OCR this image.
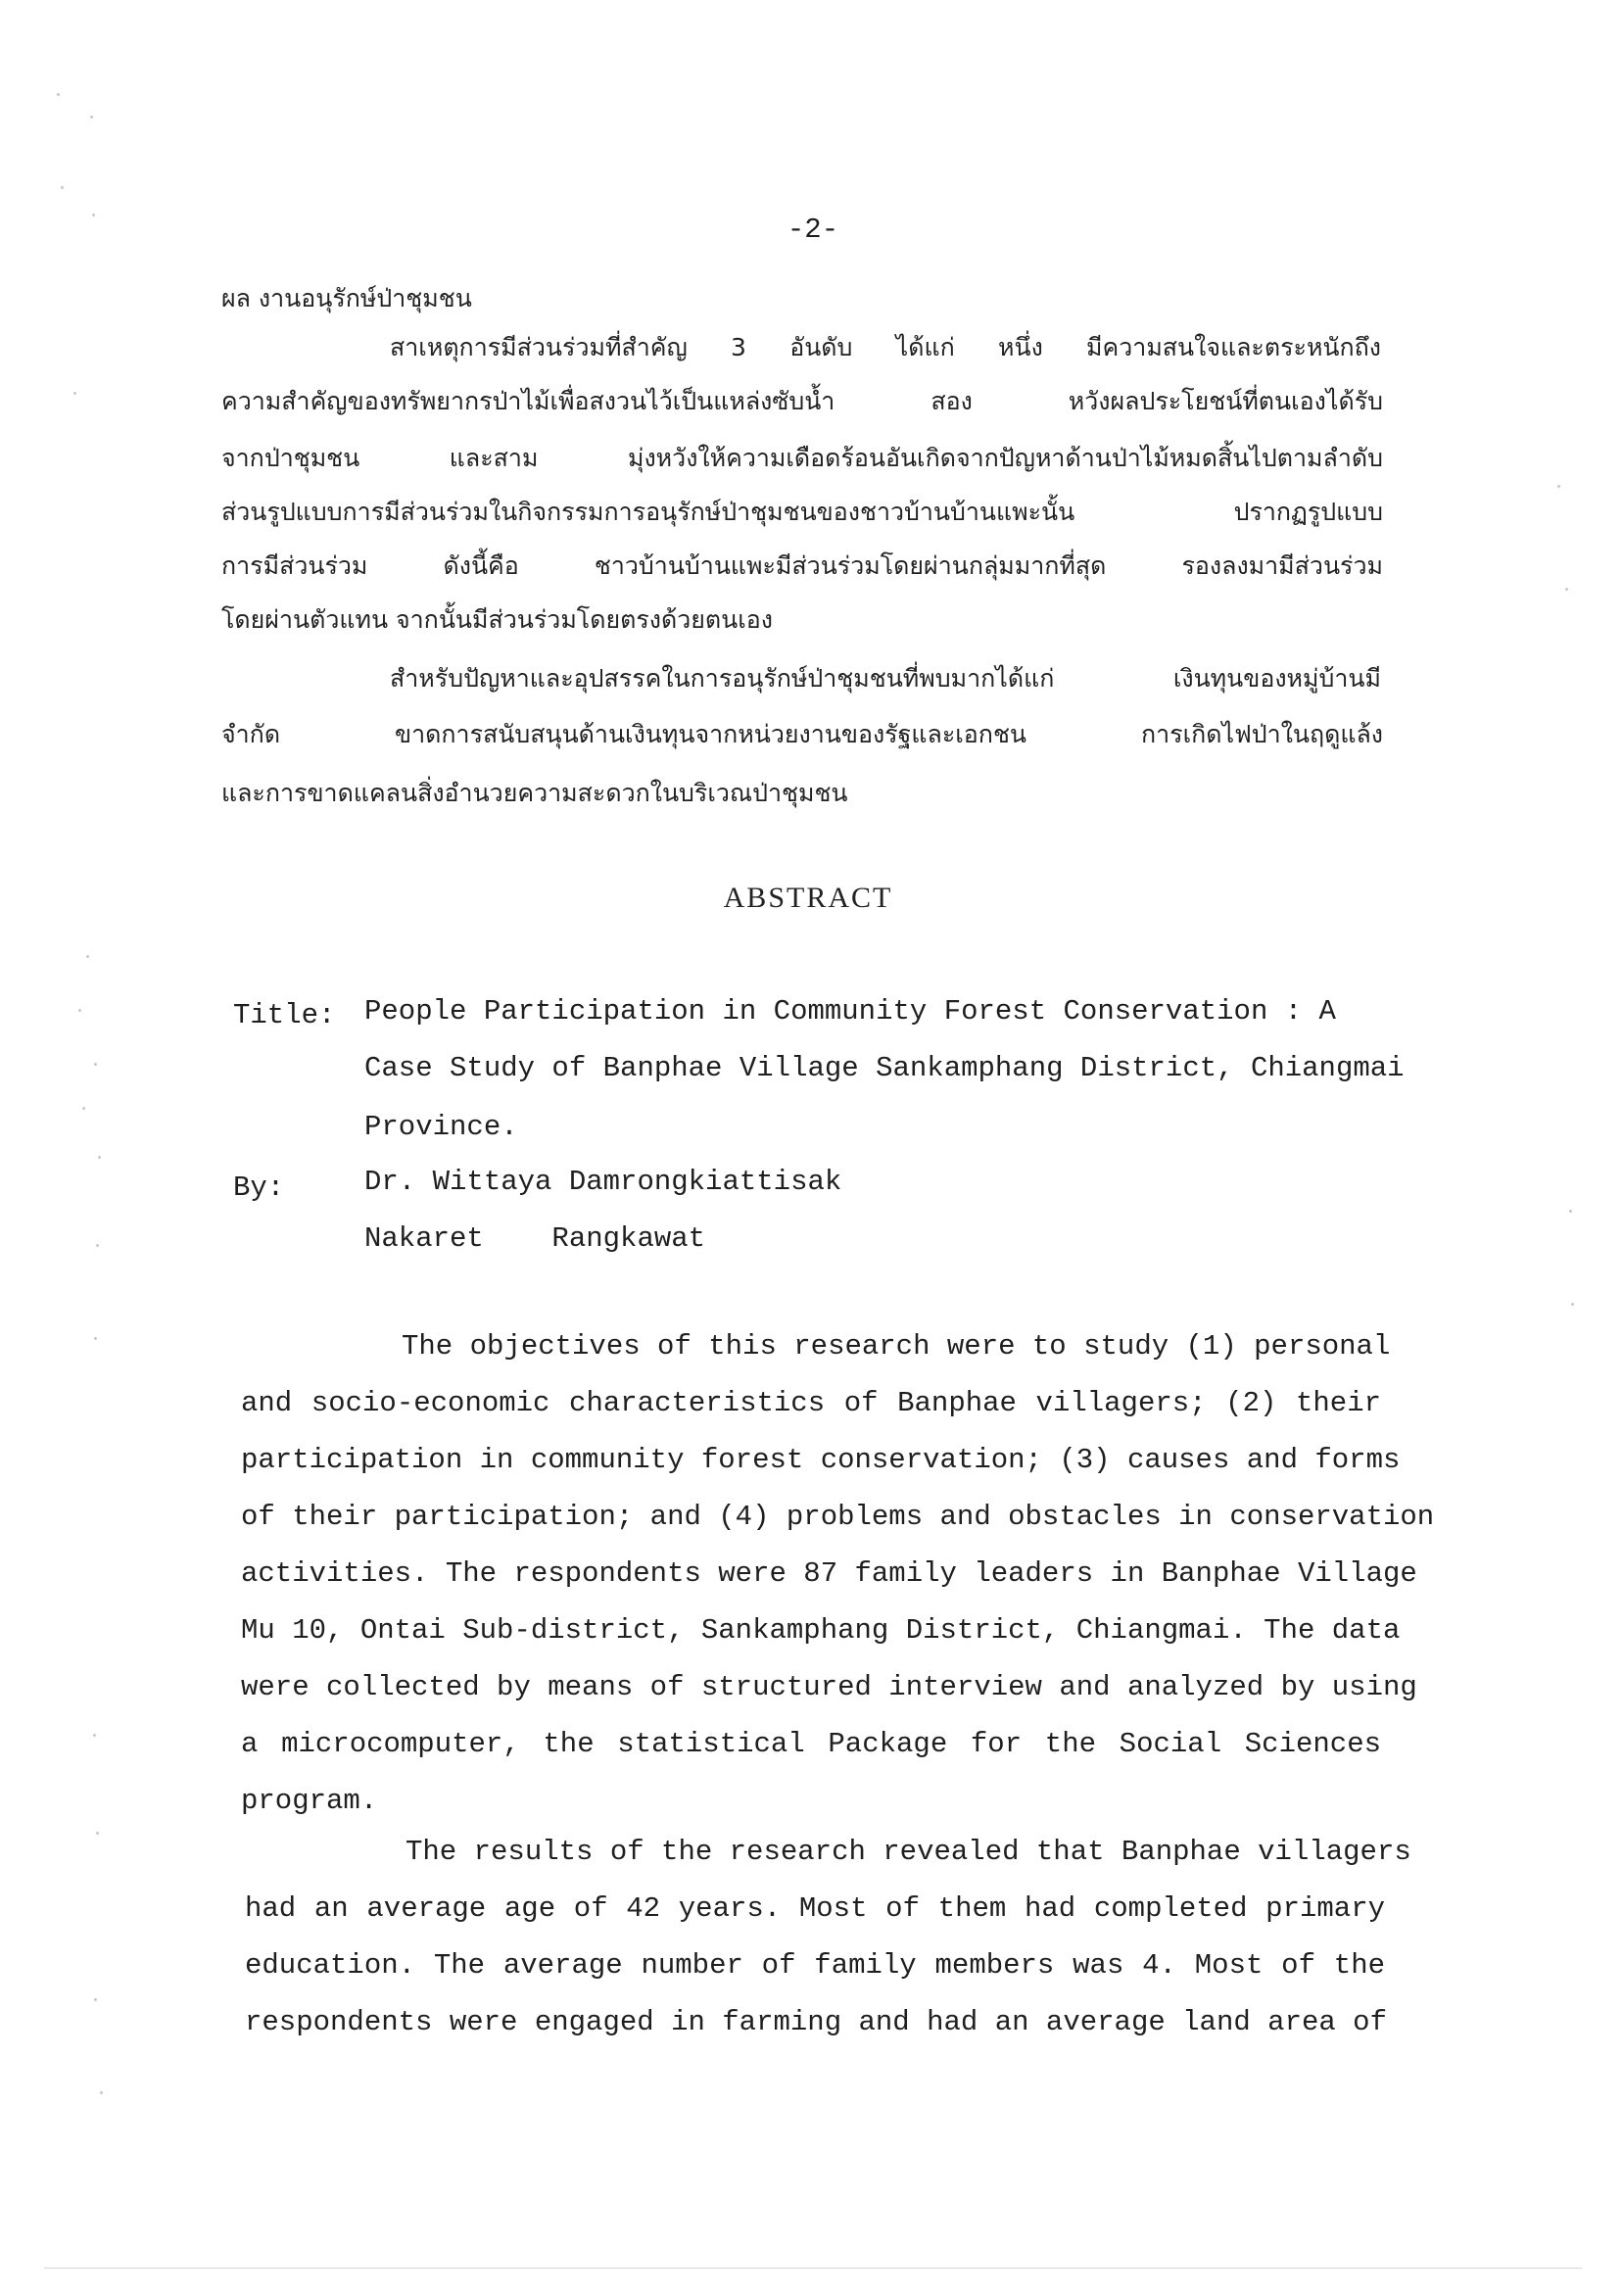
-2-
ผล งานอนุรักษ์ป่าชุมชน
สาเหตุการมีส่วนร่วมที่สำคัญ 3 อันดับ ได้แก่ หนึ่ง มีความสนใจและตระหนักถึง
ความสำคัญของทรัพยากรป่าไม้เพื่อสงวนไว้เป็นแหล่งซับน้ำ สอง หวังผลประโยชน์ที่ตนเองได้รับ
จากป่าชุมชน และสาม มุ่งหวังให้ความเดือดร้อนอันเกิดจากปัญหาด้านป่าไม้หมดสิ้นไปตามลำดับ
ส่วนรูปแบบการมีส่วนร่วมในกิจกรรมการอนุรักษ์ป่าชุมชนของชาวบ้านบ้านแพะนั้น ปรากฏรูปแบบ
การมีส่วนร่วม ดังนี้คือ ชาวบ้านบ้านแพะมีส่วนร่วมโดยผ่านกลุ่มมากที่สุด รองลงมามีส่วนร่วม
โดยผ่านตัวแทน จากนั้นมีส่วนร่วมโดยตรงด้วยตนเอง
สำหรับปัญหาและอุปสรรคในการอนุรักษ์ป่าชุมชนที่พบมากได้แก่ เงินทุนของหมู่บ้านมี
จำกัด ขาดการสนับสนุนด้านเงินทุนจากหน่วยงานของรัฐและเอกชน การเกิดไฟป่าในฤดูแล้ง
และการขาดแคลนสิ่งอำนวยความสะดวกในบริเวณป่าชุมชน
ABSTRACT
Title: People Participation in Community Forest Conservation : A
Case Study of Banphae Village Sankamphang District, Chiangmai
Province.
By:	Dr. Wittaya Damrongkiattisak
Nakaret    Rangkawat
The objectives of this research were to study (1) personal
and socio-economic characteristics of Banphae villagers; (2) their
participation in community forest conservation; (3) causes and forms
of their participation; and (4) problems and obstacles in conservation
activities. The respondents were 87 family leaders in Banphae Village
Mu 10, Ontai Sub-district, Sankamphang District, Chiangmai. The data
were collected by means of structured interview and analyzed by using
a microcomputer, the statistical Package for the Social Sciences
program.
The results of the research revealed that Banphae villagers
had an average age of 42 years. Most of them had completed primary
education. The average number of family members was 4. Most of the
respondents were engaged in farming and had an average land area of
